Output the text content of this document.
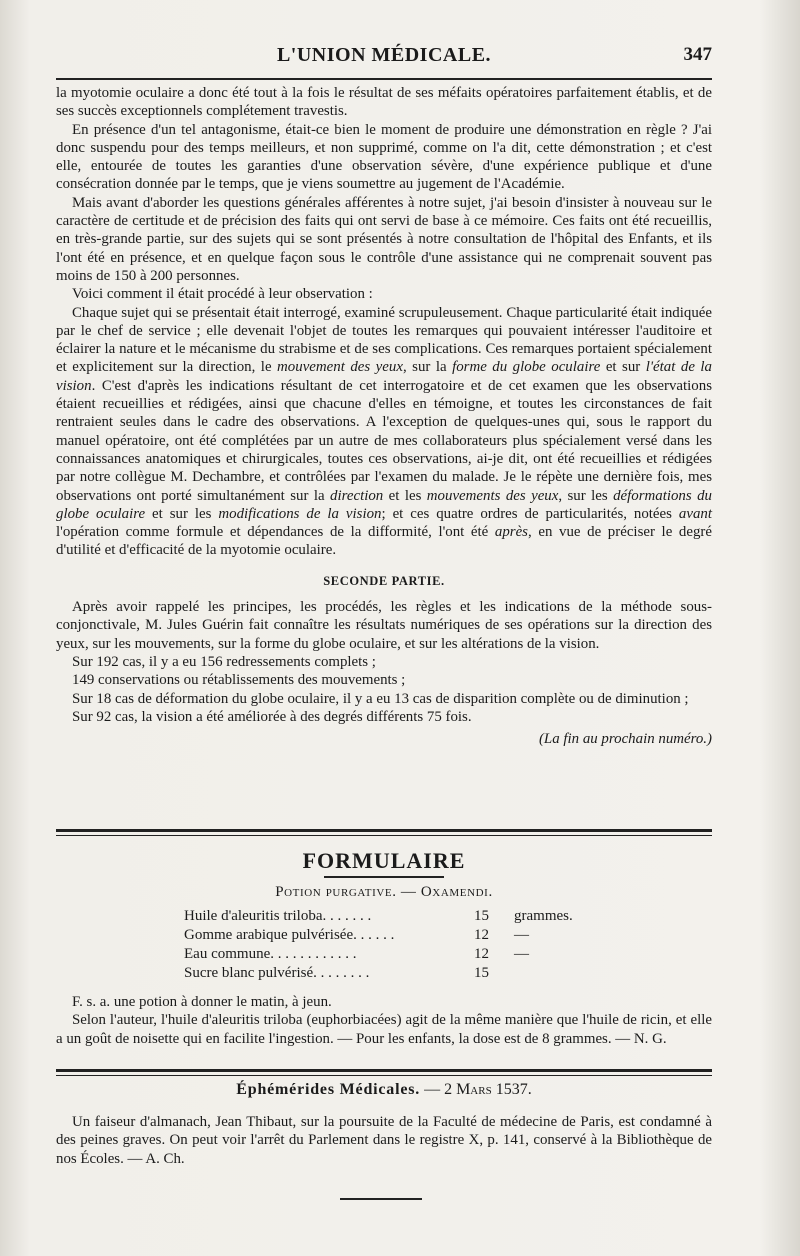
L'UNION MÉDICALE.	347

la myotomie oculaire a donc été tout à la fois le résultat de ses méfaits opératoires parfaitement établis, et de ses succès exceptionnels complétement travestis.

En présence d'un tel antagonisme, était-ce bien le moment de produire une démonstration en règle ? J'ai donc suspendu pour des temps meilleurs, et non supprimé, comme on l'a dit, cette démonstration ; et c'est elle, entourée de toutes les garanties d'une observation sévère, d'une expérience publique et d'une consécration donnée par le temps, que je viens soumettre au jugement de l'Académie.

Mais avant d'aborder les questions générales afférentes à notre sujet, j'ai besoin d'insister à nouveau sur le caractère de certitude et de précision des faits qui ont servi de base à ce mémoire. Ces faits ont été recueillis, en très-grande partie, sur des sujets qui se sont présentés à notre consultation de l'hôpital des Enfants, et ils l'ont été en présence, et en quelque façon sous le contrôle d'une assistance qui ne comprenait souvent pas moins de 150 à 200 personnes.

Voici comment il était procédé à leur observation :

Chaque sujet qui se présentait était interrogé, examiné scrupuleusement. Chaque particularité était indiquée par le chef de service ; elle devenait l'objet de toutes les remarques qui pouvaient intéresser l'auditoire et éclairer la nature et le mécanisme du strabisme et de ses complications. Ces remarques portaient spécialement et explicitement sur la direction, le mouvement des yeux, sur la forme du globe oculaire et sur l'état de la vision. C'est d'après les indications résultant de cet interrogatoire et de cet examen que les observations étaient recueillies et rédigées, ainsi que chacune d'elles en témoigne, et toutes les circonstances de fait rentraient seules dans le cadre des observations. A l'exception de quelques-unes qui, sous le rapport du manuel opératoire, ont été complétées par un autre de mes collaborateurs plus spécialement versé dans les connaissances anatomiques et chirurgicales, toutes ces observations, ai-je dit, ont été recueillies et rédigées par notre collègue M. Dechambre, et contrôlées par l'examen du malade. Je le répète une dernière fois, mes observations ont porté simultanément sur la direction et les mouvements des yeux, sur les déformations du globe oculaire et sur les modifications de la vision; et ces quatre ordres de particularités, notées avant l'opération comme formule et dépendances de la difformité, l'ont été après, en vue de préciser le degré d'utilité et d'efficacité de la myotomie oculaire.

SECONDE PARTIE.

Après avoir rappelé les principes, les procédés, les règles et les indications de la méthode sous-conjonctivale, M. Jules Guérin fait connaître les résultats numériques de ses opérations sur la direction des yeux, sur les mouvements, sur la forme du globe oculaire, et sur les altérations de la vision.

Sur 192 cas, il y a eu 156 redressements complets ;

149 conservations ou rétablissements des mouvements ;

Sur 18 cas de déformation du globe oculaire, il y a eu 13 cas de disparition complète ou de diminution ;

Sur 92 cas, la vision a été améliorée à des degrés différents 75 fois.

(La fin au prochain numéro.)
FORMULAIRE
Potion purgative. — Oxamendi.
Huile d'aleuritis triloba. . . . . . .	15	grammes.
Gomme arabique pulvérisée. . . . . .	12	—
Eau commune. . . . . . . . . . . .	12	—
Sucre blanc pulvérisé. . . . . . . .	15	

F. s. a. une potion à donner le matin, à jeun.

Selon l'auteur, l'huile d'aleuritis triloba (euphorbiacées) agit de la même manière que l'huile de ricin, et elle a un goût de noisette qui en facilite l'ingestion. — Pour les enfants, la dose est de 8 grammes. — N. G.

Éphémérides Médicales. — 2 Mars 1537.

Un faiseur d'almanach, Jean Thibaut, sur la poursuite de la Faculté de médecine de Paris, est condamné à des peines graves. On peut voir l'arrêt du Parlement dans le registre X, p. 141, conservé à la Bibliothèque de nos Écoles. — A. Ch.
